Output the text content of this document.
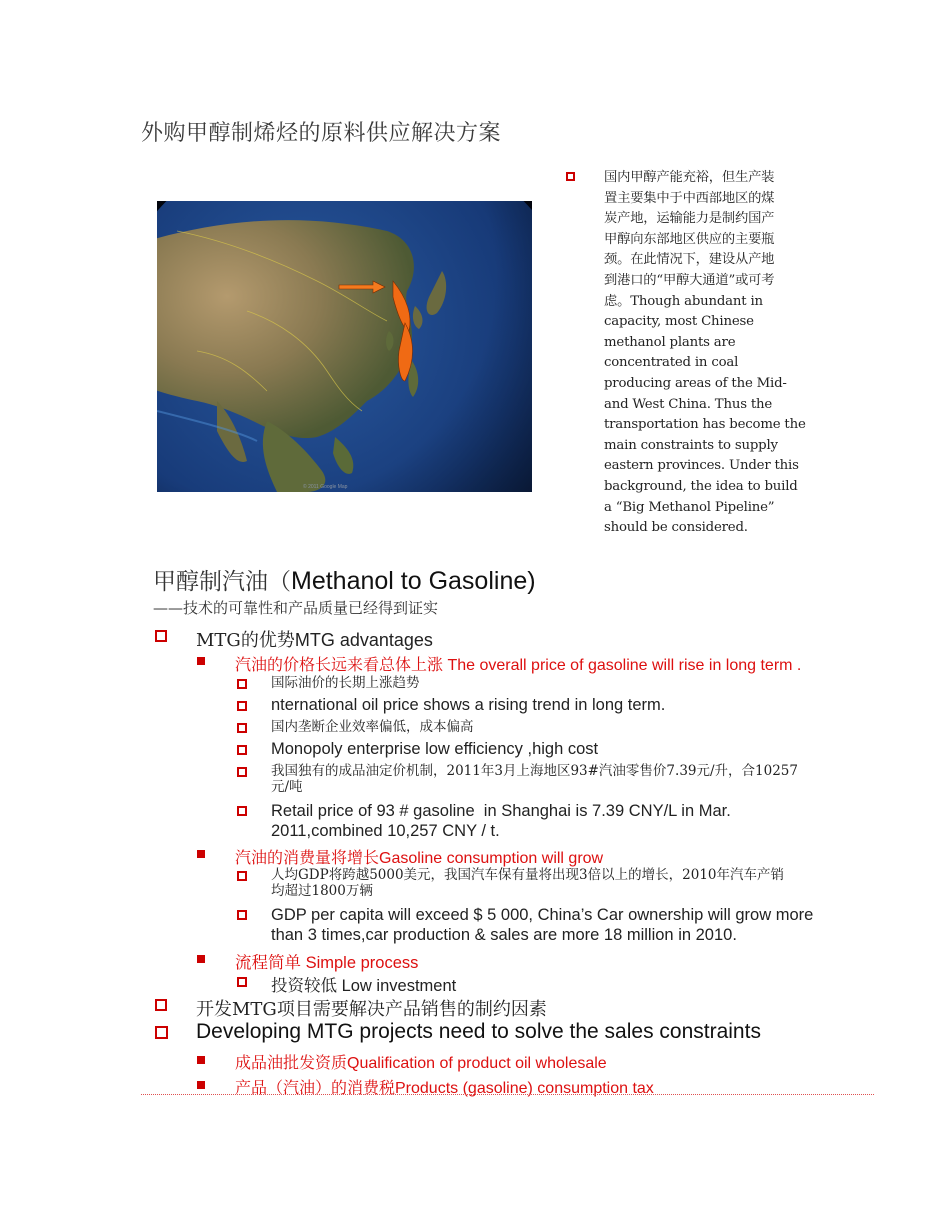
外购甲醇制烯烃的原料供应解决方案
© 2011 Google Map
国内甲醇产能充裕，但生产装
置主要集中于中西部地区的煤
炭产地，运输能力是制约国产
甲醇向东部地区供应的主要瓶
颈。在此情况下，建设从产地
到港口的“甲醇大通道”或可考
虑。Though abundant in
capacity, most Chinese
methanol plants are
concentrated in coal
producing areas of the Mid-
and West China. Thus the
transportation has become the
main constraints to supply
eastern provinces. Under this
background, the idea to build
a “Big Methanol Pipeline”
should be considered.
甲醇制汽油（Methanol to Gasoline)
——技术的可靠性和产品质量已经得到证实
MTG的优势MTG advantages
汽油的价格长远来看总体上涨 The overall price of gasoline will rise in long term .
国际油价的长期上涨趋势
nternational oil price shows a rising trend in long term.
国内垄断企业效率偏低，成本偏高
Monopoly enterprise low efficiency ,high cost
我国独有的成品油定价机制，2011年3月上海地区93#汽油零售价7.39元/升，合10257
元/吨
Retail price of 93 # gasoline  in Shanghai is 7.39 CNY/L in Mar.
2011,combined 10,257 CNY / t.
汽油的消费量将增长Gasoline consumption will grow
人均GDP将跨越5000美元，我国汽车保有量将出现3倍以上的增长，2010年汽车产销
均超过1800万辆
GDP per capita will exceed $ 5 000, China’s Car ownership will grow more
than 3 times,car production & sales are more 18 million in 2010.
流程简单 Simple process
投资较低 Low investment
开发MTG项目需要解决产品销售的制约因素
Developing MTG projects need to solve the sales constraints
成品油批发资质Qualification of product oil wholesale
产品（汽油）的消费税Products (gasoline) consumption tax
